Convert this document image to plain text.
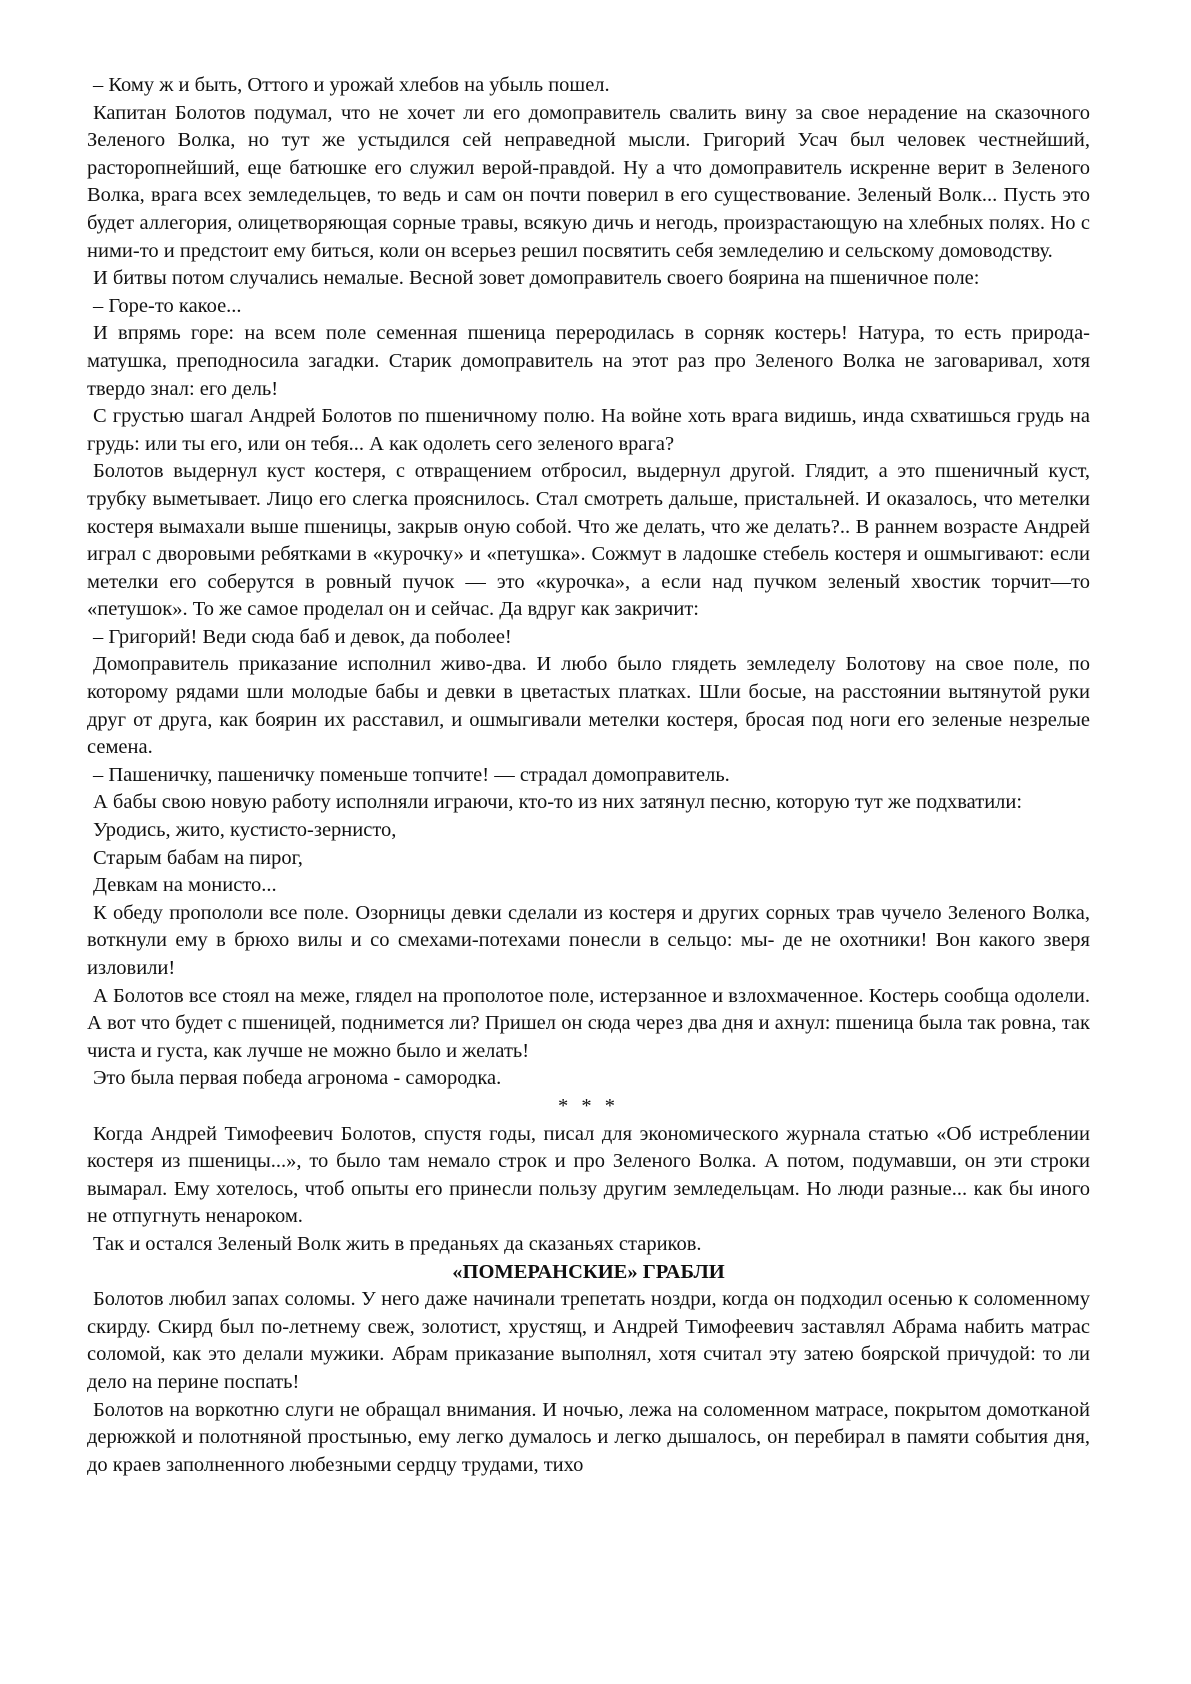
– Кому ж и быть, Оттого и урожай хлебов на убыль пошел.

Капитан Болотов подумал, что не хочет ли его домоправитель свалить вину за свое нерадение на сказочного Зеленого Волка, но тут же устыдился сей неправедной мысли. Григорий Усач был человек честнейший, расторопнейший, еще батюшке его служил верой-правдой. Ну а что домоправитель искренне верит в Зеленого Волка, врага всех земледельцев, то ведь и сам он почти поверил в его существование. Зеленый Волк... Пусть это будет аллегория, олицетворяющая сорные травы, всякую дичь и негодь, произрастающую на хлебных полях. Но с ними-то и предстоит ему биться, коли он всерьез решил посвятить себя земледелию и сельскому домоводству.

И битвы потом случались немалые. Весной зовет домоправитель своего боярина на пшеничное поле:

– Горе-то какое...

И впрямь горе: на всем поле семенная пшеница переродилась в сорняк костерь! Натура, то есть природа-матушка, преподносила загадки. Старик домоправитель на этот раз про Зеленого Волка не заговаривал, хотя твердо знал: его дель!

С грустью шагал Андрей Болотов по пшеничному полю. На войне хоть врага видишь, инда схватишься грудь на грудь: или ты его, или он тебя... А как одолеть сего зеленого врага?

Болотов выдернул куст костеря, с отвращением отбросил, выдернул другой. Глядит, а это пшеничный куст, трубку выметывает. Лицо его слегка прояснилось. Стал смотреть дальше, пристальней. И оказалось, что метелки костеря вымахали выше пшеницы, закрыв оную собой. Что же делать, что же делать?.. В раннем возрасте Андрей играл с дворовыми ребятками в «курочку» и «петушка». Сожмут в ладошке стебель костеря и ошмыгивают: если метелки его соберутся в ровный пучок — это «курочка», а если над пучком зеленый хвостик торчит—то «петушок». То же самое проделал он и сейчас. Да вдруг как закричит:

– Григорий! Веди сюда баб и девок, да поболее!

Домоправитель приказание исполнил живо-два. И любо было глядеть земледелу Болотову на свое поле, по которому рядами шли молодые бабы и девки в цветастых платках. Шли босые, на расстоянии вытянутой руки друг от друга, как боярин их расставил, и ошмыгивали метелки костеря, бросая под ноги его зеленые незрелые семена.

– Пашеничку, пашеничку поменьше топчите! — страдал домоправитель.

А бабы свою новую работу исполняли играючи, кто-то из них затянул песню, которую тут же подхватили:

Уродись, жито, кустисто-зернисто,

Старым бабам на пирог,

Девкам на монисто...

К обеду пропололи все поле. Озорницы девки сделали из костеря и других сорных трав чучело Зеленого Волка, воткнули ему в брюхо вилы и со смехами-потехами понесли в сельцо: мы- де не охотники! Вон какого зверя изловили!

А Болотов все стоял на меже, глядел на прополотое поле, истерзанное и взлохмаченное. Костерь сообща одолели. А вот что будет с пшеницей, поднимется ли? Пришел он сюда через два дня и ахнул: пшеница была так ровна, так чиста и густа, как лучше не можно было и желать!

Это была первая победа агронома - самородка.

* * *

Когда Андрей Тимофеевич Болотов, спустя годы, писал для экономического журнала статью «Об истреблении костеря из пшеницы...», то было там немало строк и про Зеленого Волка. А потом, подумавши, он эти строки вымарал. Ему хотелось, чтоб опыты его принесли пользу другим земледельцам. Но люди разные... как бы иного не отпугнуть ненароком.

Так и остался Зеленый Волк жить в преданьях да сказаньях стариков.

«ПОМЕРАНСКИЕ» ГРАБЛИ

Болотов любил запах соломы. У него даже начинали трепетать ноздри, когда он подходил осенью к соломенному скирду. Скирд был по-летнему свеж, золотист, хрустящ, и Андрей Тимофеевич заставлял Абрама набить матрас соломой, как это делали мужики. Абрам приказание выполнял, хотя считал эту затею боярской причудой: то ли дело на перине поспать!

Болотов на воркотню слуги не обращал внимания. И ночью, лежа на соломенном матрасе, покрытом домотканой дерюжкой и полотняной простынью, ему легко думалось и легко дышалось, он перебирал в памяти события дня, до краев заполненного любезными сердцу трудами, тихо
